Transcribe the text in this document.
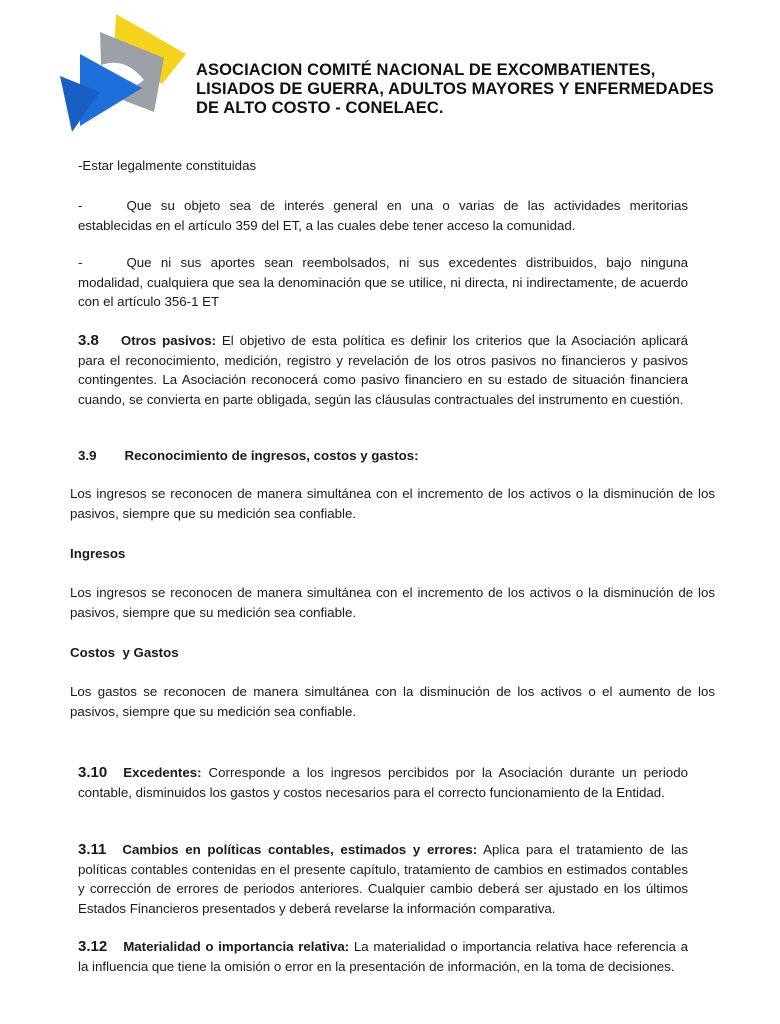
ASOCIACION COMITÉ NACIONAL DE EXCOMBATIENTES,
LISIADOS DE GUERRA, ADULTOS MAYORES Y ENFERMEDADES
DE ALTO COSTO - CONELAEC.
-Estar legalmente constituidas
-	Que su objeto sea de interés general en una o varias de las actividades meritorias establecidas en el artículo 359 del ET, a las cuales debe tener acceso la comunidad.
-	Que ni sus aportes sean reembolsados, ni sus excedentes distribuidos, bajo ninguna modalidad, cualquiera que sea la denominación que se utilice, ni directa, ni indirectamente, de acuerdo con el artículo 356-1 ET
3.8 Otros pasivos: El objetivo de esta política es definir los criterios que la Asociación aplicará para el reconocimiento, medición, registro y revelación de los otros pasivos no financieros y pasivos contingentes. La Asociación reconocerá como pasivo financiero en su estado de situación financiera cuando, se convierta en parte obligada, según las cláusulas contractuales del instrumento en cuestión.
3.9 Reconocimiento de ingresos, costos y gastos:
Los ingresos se reconocen de manera simultánea con el incremento de los activos o la disminución de los pasivos, siempre que su medición sea confiable.
Ingresos
Los ingresos se reconocen de manera simultánea con el incremento de los activos o la disminución de los pasivos, siempre que su medición sea confiable.
Costos  y Gastos
Los gastos se reconocen de manera simultánea con la disminución de los activos o el aumento de los pasivos, siempre que su medición sea confiable.
3.10 Excedentes: Corresponde a los ingresos percibidos por la Asociación durante un periodo contable, disminuidos los gastos y costos necesarios para el correcto funcionamiento de la Entidad.
3.11 Cambios en políticas contables, estimados y errores: Aplica para el tratamiento de las políticas contables contenidas en el presente capítulo, tratamiento de cambios en estimados contables y corrección de errores de periodos anteriores. Cualquier cambio deberá ser ajustado en los últimos Estados Financieros presentados y deberá revelarse la información comparativa.
3.12 Materialidad o importancia relativa: La materialidad o importancia relativa hace referencia a la influencia que tiene la omisión o error en la presentación de información, en la toma de decisiones.
